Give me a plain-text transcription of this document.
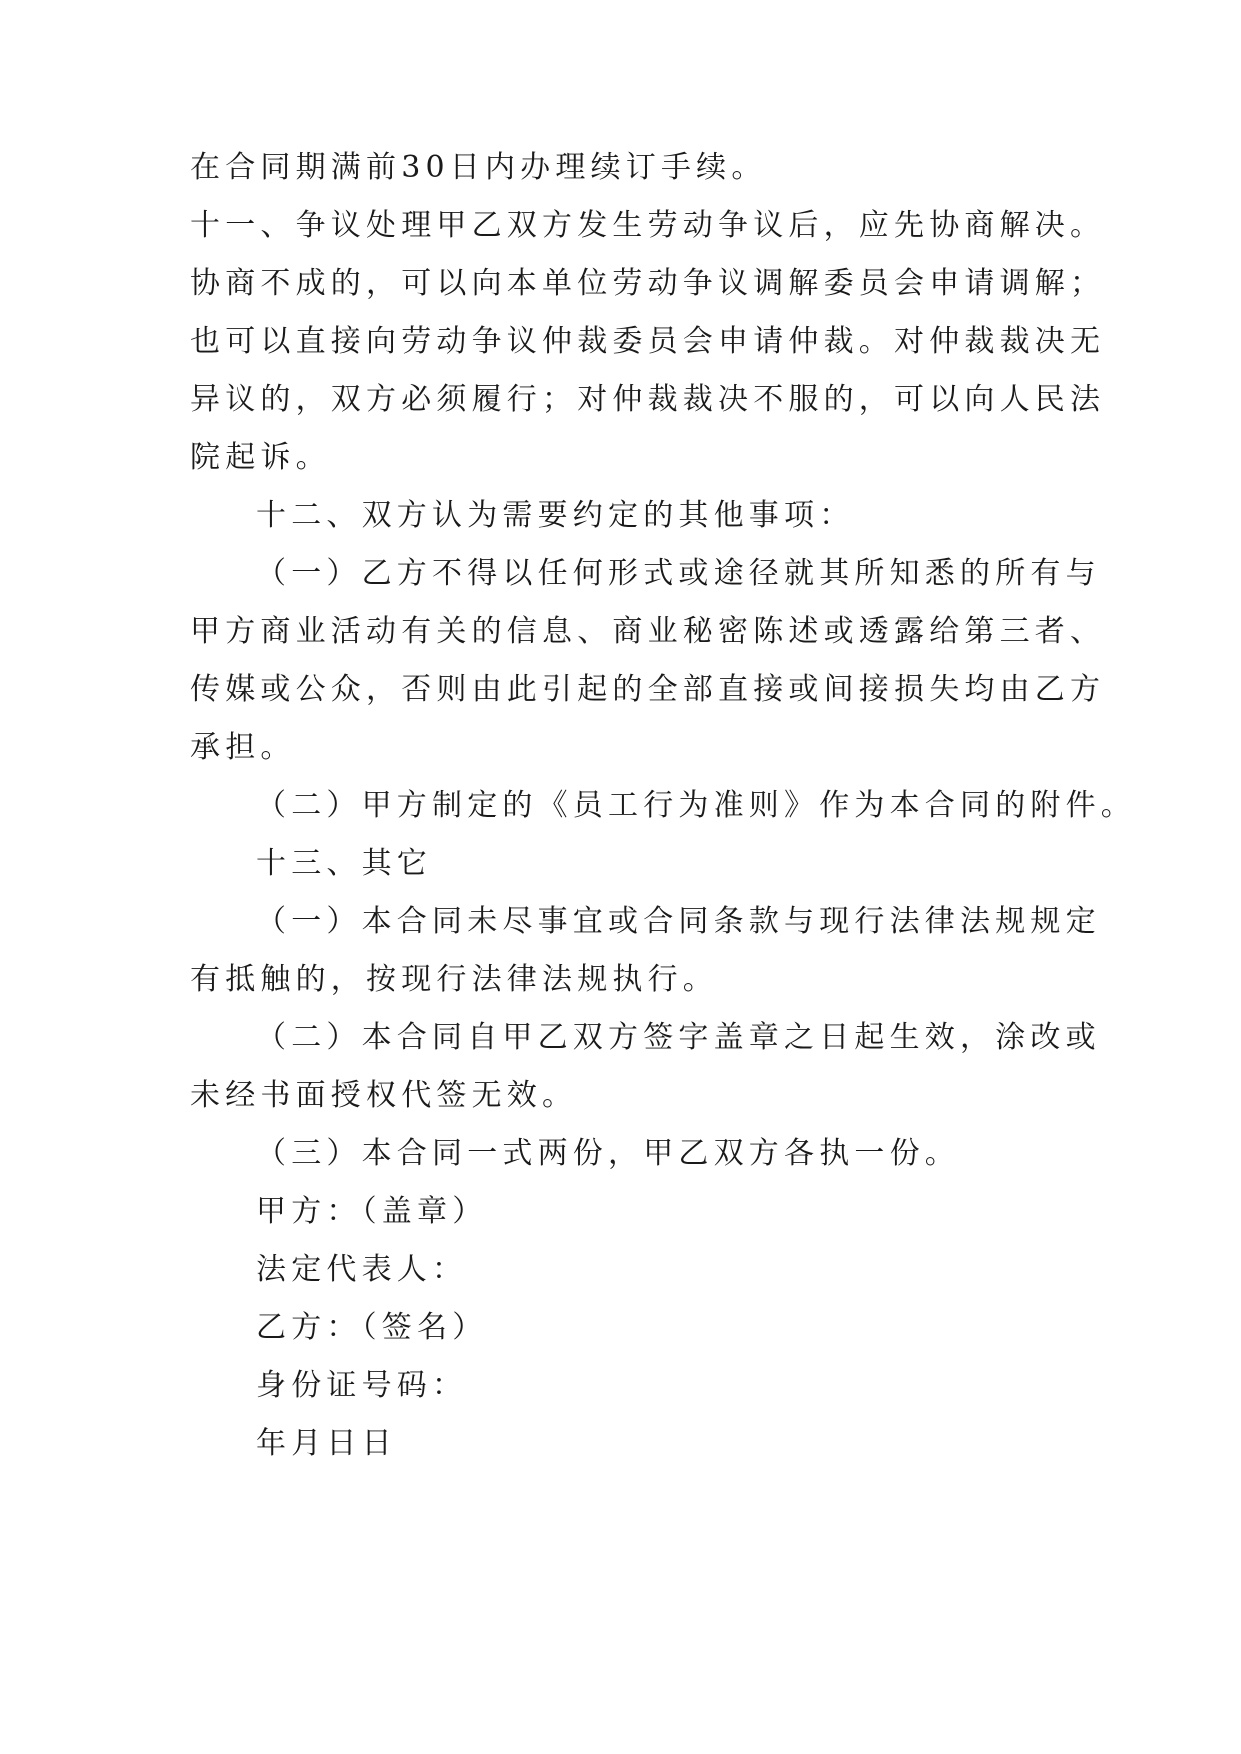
在合同期满前30日内办理续订手续。
十一、争议处理甲乙双方发生劳动争议后，应先协商解决。
协商不成的，可以向本单位劳动争议调解委员会申请调解；
也可以直接向劳动争议仲裁委员会申请仲裁。对仲裁裁决无
异议的，双方必须履行；对仲裁裁决不服的，可以向人民法
院起诉。
十二、双方认为需要约定的其他事项：
（一）乙方不得以任何形式或途径就其所知悉的所有与
甲方商业活动有关的信息、商业秘密陈述或透露给第三者、
传媒或公众，否则由此引起的全部直接或间接损失均由乙方
承担。
（二）甲方制定的《员工行为准则》作为本合同的附件。
十三、其它
（一）本合同未尽事宜或合同条款与现行法律法规规定
有抵触的，按现行法律法规执行。
（二）本合同自甲乙双方签字盖章之日起生效，涂改或
未经书面授权代签无效。
（三）本合同一式两份，甲乙双方各执一份。
甲方：（盖章）
法定代表人：
乙方：（签名）
身份证号码：
年月日日
